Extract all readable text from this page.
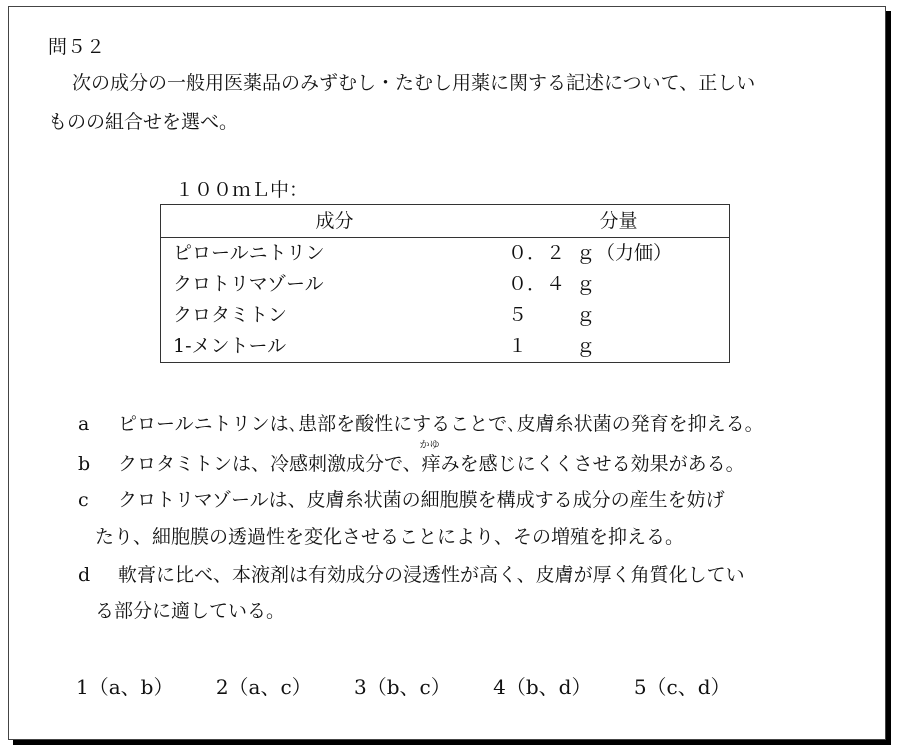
問５２
次の成分の一般用医薬品のみずむし・たむし用薬に関する記述について、正しい
ものの組合せを選べ。
１００ｍＬ中：
成分	分量
ピロールニトリン	０．２ ｇ（力価）
クロトリマゾール	０．４ ｇ
クロタミトン	５ ｇ
1-メントール	１ ｇ
a ピロールニトリンは､患部を酸性にすることで､皮膚糸状菌の発育を抑える｡
b クロタミトンは、冷感刺激成分で、
かゆ
痒みを感じにくくさせる効果がある。
c クロトリマゾールは、皮膚糸状菌の細胞膜を構成する成分の産生を妨げ
たり、細胞膜の透過性を変化させることにより、その増殖を抑える。
d 軟膏に比べ、本液剤は有効成分の浸透性が高く、皮膚が厚く角質化してい
る部分に適している。
1（a、b） 2（a、c） 3（b、c） 4（b、d） 5（c、d）
